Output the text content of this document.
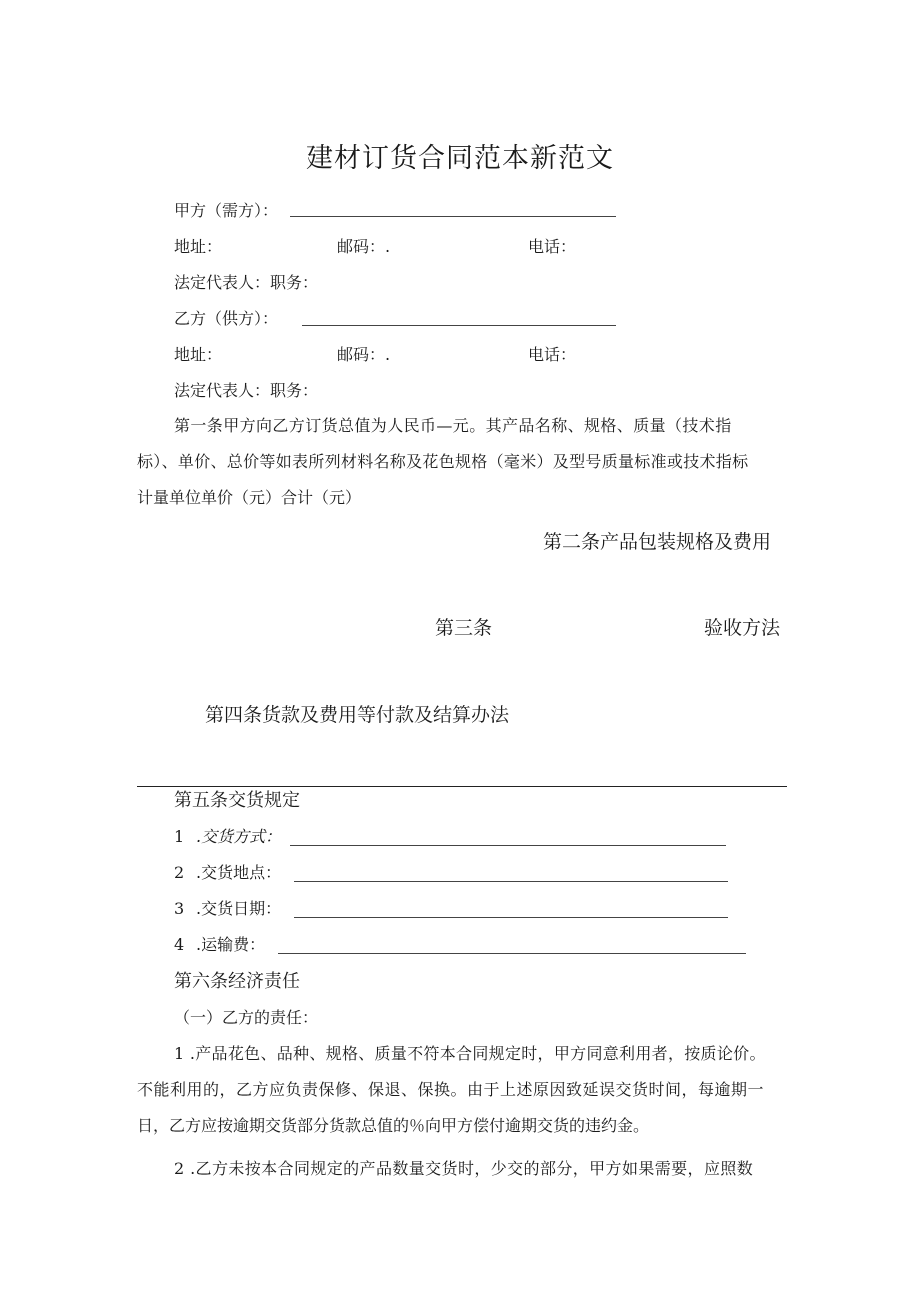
建材订货合同范本新范文
甲方（需方）：
地址：	邮码：.	电话：
法定代表人：职务：
乙方（供方）：
地址：	邮码：.	电话：
法定代表人：职务：
第一条甲方向乙方订货总值为人民币—元。其产品名称、规格、质量（技术指
标）、单价、总价等如表所列材料名称及花色规格（毫米）及型号质量标准或技术指标
计量单位单价（元）合计（元）
第二条产品包装规格及费用
第三条	验收方法
第四条货款及费用等付款及结算办法
第五条交货规定
1 .交货方式：
2 .交货地点：
3 .交货日期：
4 .运输费：
第六条经济责任
（一）乙方的责任：
1 .产品花色、品种、规格、质量不符本合同规定时，甲方同意利用者，按质论价。
不能利用的，乙方应负责保修、保退、保换。由于上述原因致延误交货时间，每逾期一
日，乙方应按逾期交货部分货款总值的％向甲方偿付逾期交货的违约金。
2 .乙方未按本合同规定的产品数量交货时，少交的部分，甲方如果需要，应照数
